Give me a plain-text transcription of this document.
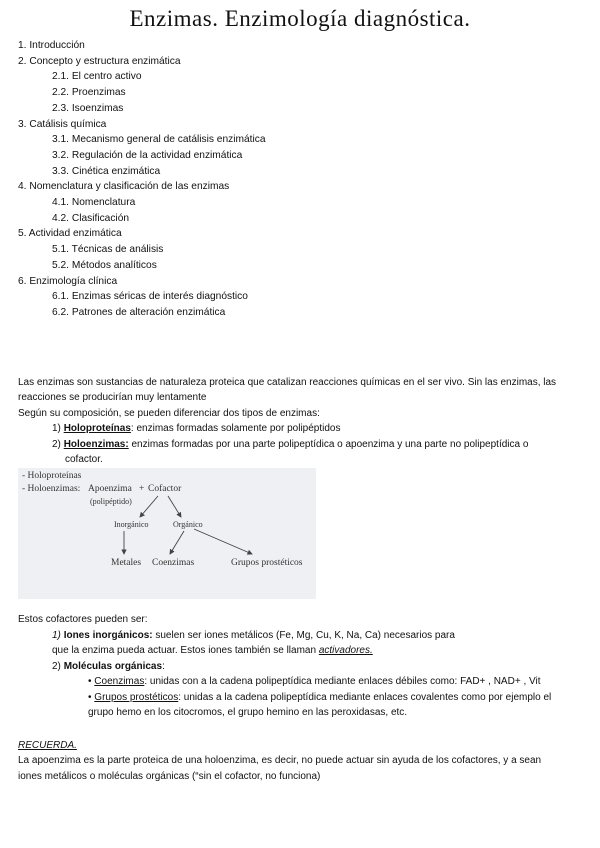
Enzimas. Enzimología diagnóstica.
1. Introducción
2. Concepto y estructura enzimática
2.1. El centro activo
2.2. Proenzimas
2.3. Isoenzimas
3. Catálisis química
3.1. Mecanismo general de catálisis enzimática
3.2. Regulación de la actividad enzimática
3.3. Cinética enzimática
4. Nomenclatura y clasificación de las enzimas
4.1. Nomenclatura
4.2. Clasificación
5. Actividad enzimática
5.1. Técnicas de análisis
5.2. Métodos analíticos
6. Enzimología clínica
6.1. Enzimas séricas de interés diagnóstico
6.2. Patrones de alteración enzimática
Las enzimas son sustancias de naturaleza proteica que catalizan reacciones químicas en el ser vivo. Sin las enzimas, las
reacciones se producirían muy lentamente
Según su composición, se pueden diferenciar dos tipos de enzimas:
1) Holoproteínas: enzimas formadas solamente por polipéptidos
2) Holoenzimas: enzimas formadas por una parte polipeptídica o apoenzima y una parte no polipeptídica o
cofactor.
- Holoproteínas
- Holoenzimas: Apoenzima + Cofactor
(polipéptido)
Inorgánico	Orgánico
Metales Coenzimas	Grupos prostéticos
Estos cofactores pueden ser:
1) Iones inorgánicos: suelen ser iones metálicos (Fe, Mg, Cu, K, Na, Ca) necesarios para
que la enzima pueda actuar. Estos iones también se llaman activadores.
2) Moléculas orgánicas:
• Coenzimas: unidas con a la cadena polipeptídica mediante enlaces débiles como: FAD+ , NAD+ , Vit
• Grupos prostéticos: unidas a la cadena polipeptídica mediante enlaces covalentes como por ejemplo el
grupo hemo en los citocromos, el grupo hemino en las peroxidasas, etc.
RECUERDA.
La apoenzima es la parte proteica de una holoenzima, es decir, no puede actuar sin ayuda de los cofactores, y a sean
iones metálicos o moléculas orgánicas (“sin el cofactor, no funciona)
